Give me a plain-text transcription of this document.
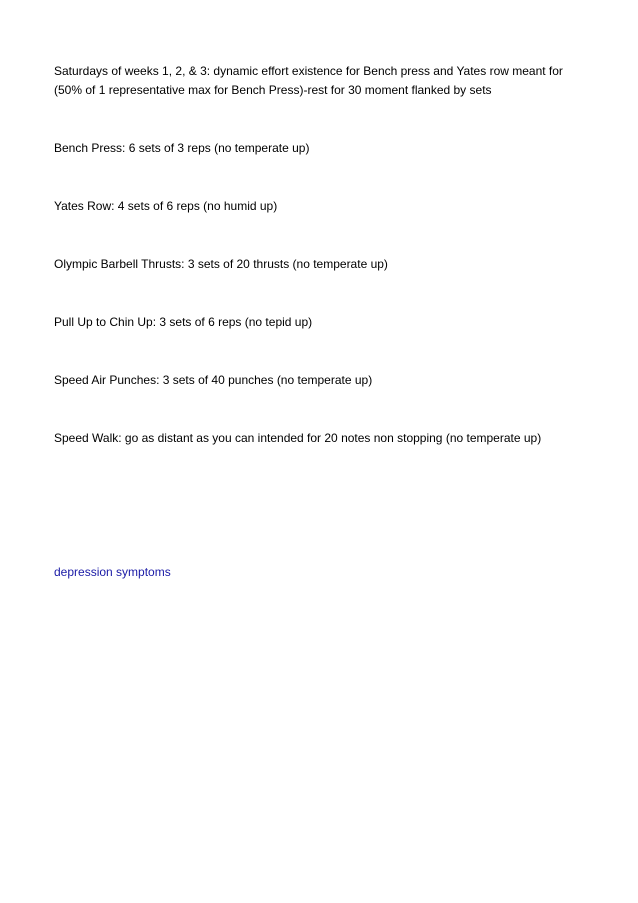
Saturdays of weeks 1, 2, & 3: dynamic effort existence for Bench press and Yates row meant for
(50% of 1 representative max for Bench Press)-rest for 30 moment flanked by sets
Bench Press: 6 sets of 3 reps (no temperate up)
Yates Row: 4 sets of 6 reps (no humid up)
Olympic Barbell Thrusts: 3 sets of 20 thrusts (no temperate up)
Pull Up to Chin Up: 3 sets of 6 reps (no tepid up)
Speed Air Punches: 3 sets of 40 punches (no temperate up)
Speed Walk: go as distant as you can intended for 20 notes non stopping (no temperate up)
depression symptoms
